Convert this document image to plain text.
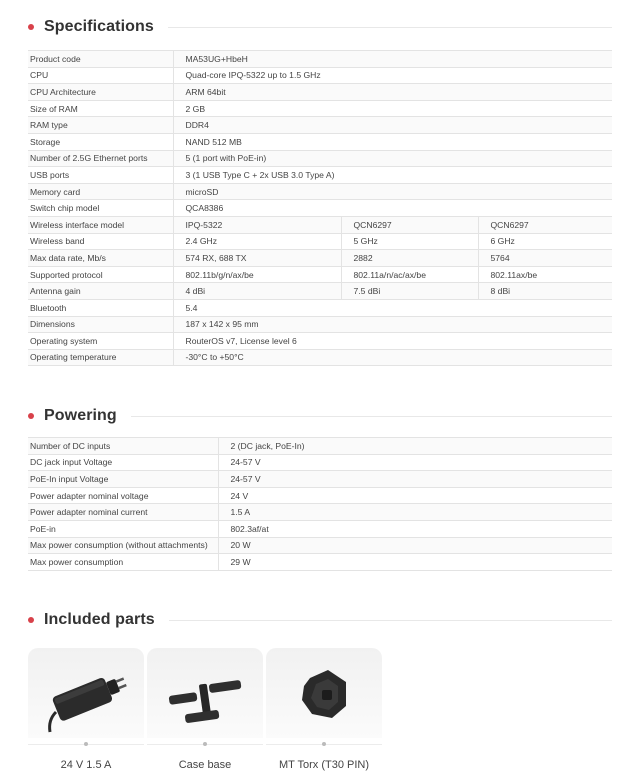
Specifications
Product code	MA53UG+HbeH		
CPU	Quad-core IPQ-5322 up to 1.5 GHz		
CPU Architecture	ARM 64bit		
Size of RAM	2 GB		
RAM type	DDR4		
Storage	NAND 512 MB		
Number of 2.5G Ethernet ports	5 (1 port with PoE-in)		
USB ports	3 (1 USB Type C + 2x USB 3.0 Type A)		
Memory card	microSD		
Switch chip model	QCA8386		
Wireless interface model	IPQ-5322	QCN6297	QCN6297
Wireless band	2.4 GHz	5 GHz	6 GHz
Max data rate, Mb/s	574 RX, 688 TX	2882	5764
Supported protocol	802.11b/g/n/ax/be	802.11a/n/ac/ax/be	802.11ax/be
Antenna gain	4 dBi	7.5 dBi	8 dBi
Bluetooth	5.4		
Dimensions	187 x 142 x 95 mm		
Operating system	RouterOS v7, License level 6		
Operating temperature	-30°C to +50°C		
Powering
Number of DC inputs	2 (DC jack, PoE-In)
DC jack input Voltage	24-57 V
PoE-In input Voltage	24-57 V
Power adapter nominal voltage	24 V
Power adapter nominal current	1.5 A
PoE-in	802.3af/at
Max power consumption (without attachments)	20 W
Max power consumption	29 W
Included parts
24 V 1.5 A	Case base	MT Torx (T30 PIN)
